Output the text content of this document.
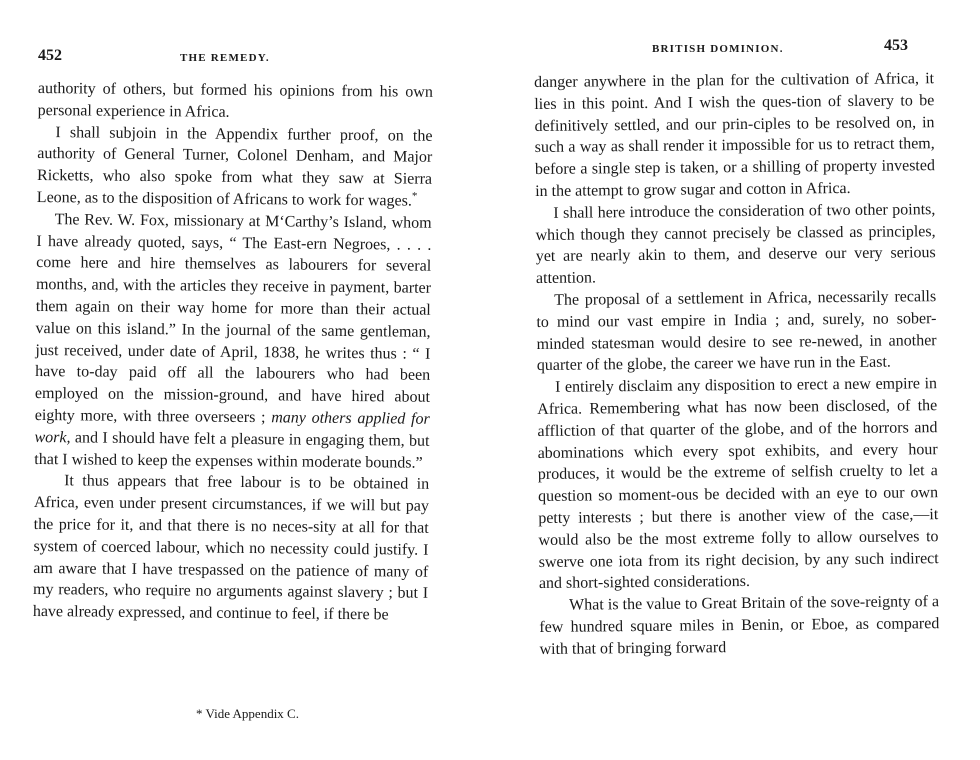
452	THE REMEDY.

authority of others, but formed his opinions from his own personal experience in Africa.

I shall subjoin in the Appendix further proof, on the authority of General Turner, Colonel Denham, and Major Ricketts, who also spoke from what they saw at Sierra Leone, as to the disposition of Africans to work for wages.*

The Rev. W. Fox, missionary at M‘Carthy’s Island, whom I have already quoted, says, “ The East-ern Negroes, . . . . come here and hire themselves as labourers for several months, and, with the articles they receive in payment, barter them again on their way home for more than their actual value on this island.” In the journal of the same gentleman, just received, under date of April, 1838, he writes thus : “ I have to-day paid off all the labourers who had been employed on the mission-ground, and have hired about eighty more, with three overseers ; many others applied for work, and I should have felt a pleasure in engaging them, but that I wished to keep the expenses within moderate bounds.”

It thus appears that free labour is to be obtained in Africa, even under present circumstances, if we will but pay the price for it, and that there is no neces-sity at all for that system of coerced labour, which no necessity could justify. I am aware that I have trespassed on the patience of many of my readers, who require no arguments against slavery ; but I have already expressed, and continue to feel, if there be

* Vide Appendix C.
BRITISH DOMINION.	453

danger anywhere in the plan for the cultivation of Africa, it lies in this point. And I wish the ques-tion of slavery to be definitively settled, and our prin-ciples to be resolved on, in such a way as shall render it impossible for us to retract them, before a single step is taken, or a shilling of property invested in the attempt to grow sugar and cotton in Africa.

I shall here introduce the consideration of two other points, which though they cannot precisely be classed as principles, yet are nearly akin to them, and deserve our very serious attention.

The proposal of a settlement in Africa, necessarily recalls to mind our vast empire in India ; and, surely, no sober-minded statesman would desire to see re-newed, in another quarter of the globe, the career we have run in the East.

I entirely disclaim any disposition to erect a new empire in Africa. Remembering what has now been disclosed, of the affliction of that quarter of the globe, and of the horrors and abominations which every spot exhibits, and every hour produces, it would be the extreme of selfish cruelty to let a question so moment-ous be decided with an eye to our own petty interests ; but there is another view of the case,—it would also be the most extreme folly to allow ourselves to swerve one iota from its right decision, by any such indirect and short-sighted considerations.

What is the value to Great Britain of the sove-reignty of a few hundred square miles in Benin, or Eboe, as compared with that of bringing forward
